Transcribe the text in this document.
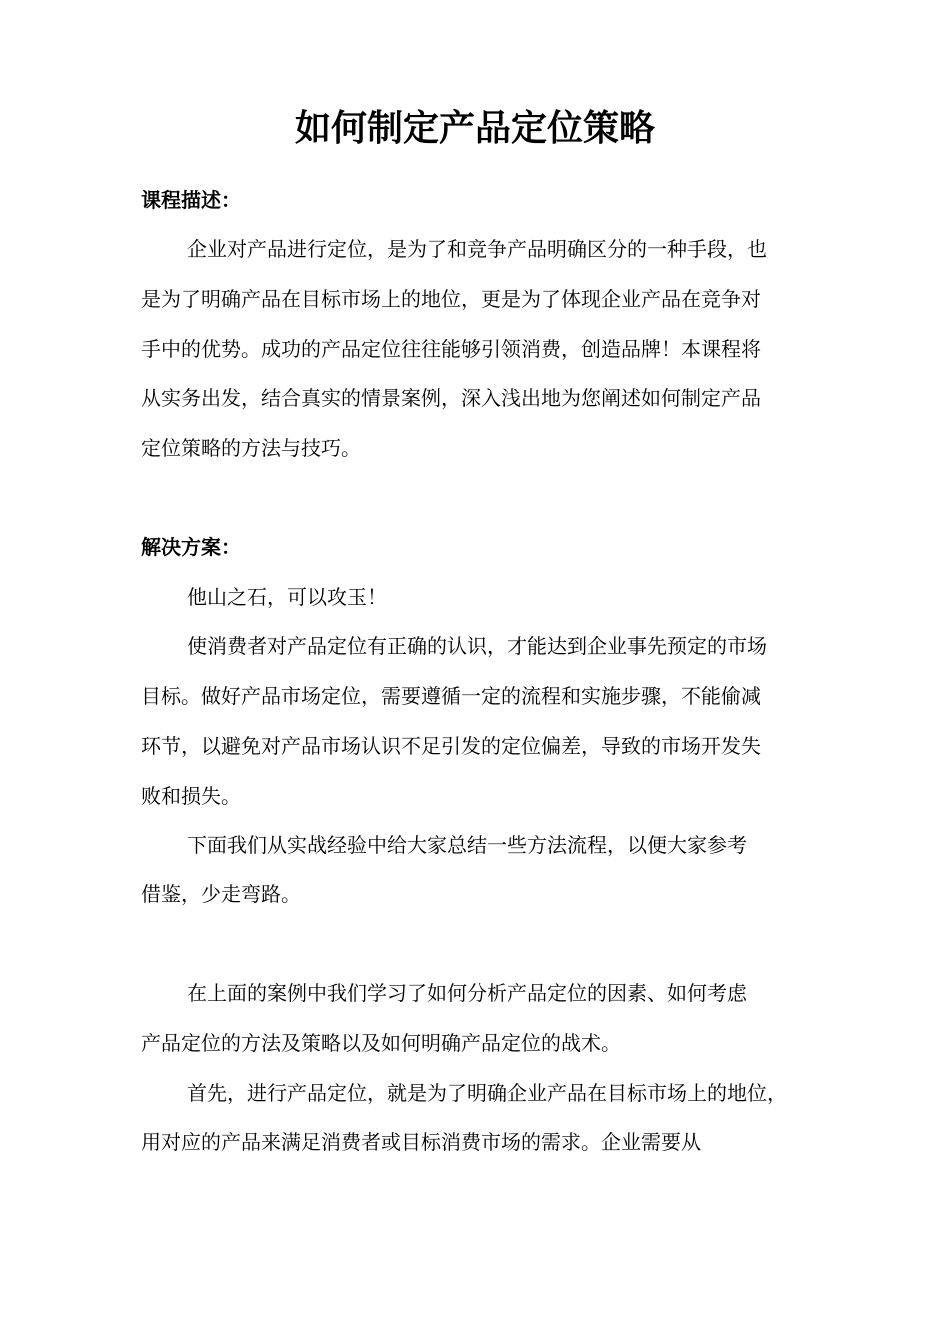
如何制定产品定位策略

课程描述：

企业对产品进行定位，是为了和竞争产品明确区分的一种手段，也

是为了明确产品在目标市场上的地位，更是为了体现企业产品在竞争对

手中的优势。成功的产品定位往往能够引领消费，创造品牌！本课程将

从实务出发，结合真实的情景案例，深入浅出地为您阐述如何制定产品

定位策略的方法与技巧。

解决方案：

他山之石，可以攻玉！

使消费者对产品定位有正确的认识，才能达到企业事先预定的市场

目标。做好产品市场定位，需要遵循一定的流程和实施步骤，不能偷减

环节，以避免对产品市场认识不足引发的定位偏差，导致的市场开发失

败和损失。

下面我们从实战经验中给大家总结一些方法流程，以便大家参考

借鉴，少走弯路。

在上面的案例中我们学习了如何分析产品定位的因素、如何考虑

产品定位的方法及策略以及如何明确产品定位的战术。

首先，进行产品定位，就是为了明确企业产品在目标市场上的地位，

用对应的产品来满足消费者或目标消费市场的需求。企业需要从
